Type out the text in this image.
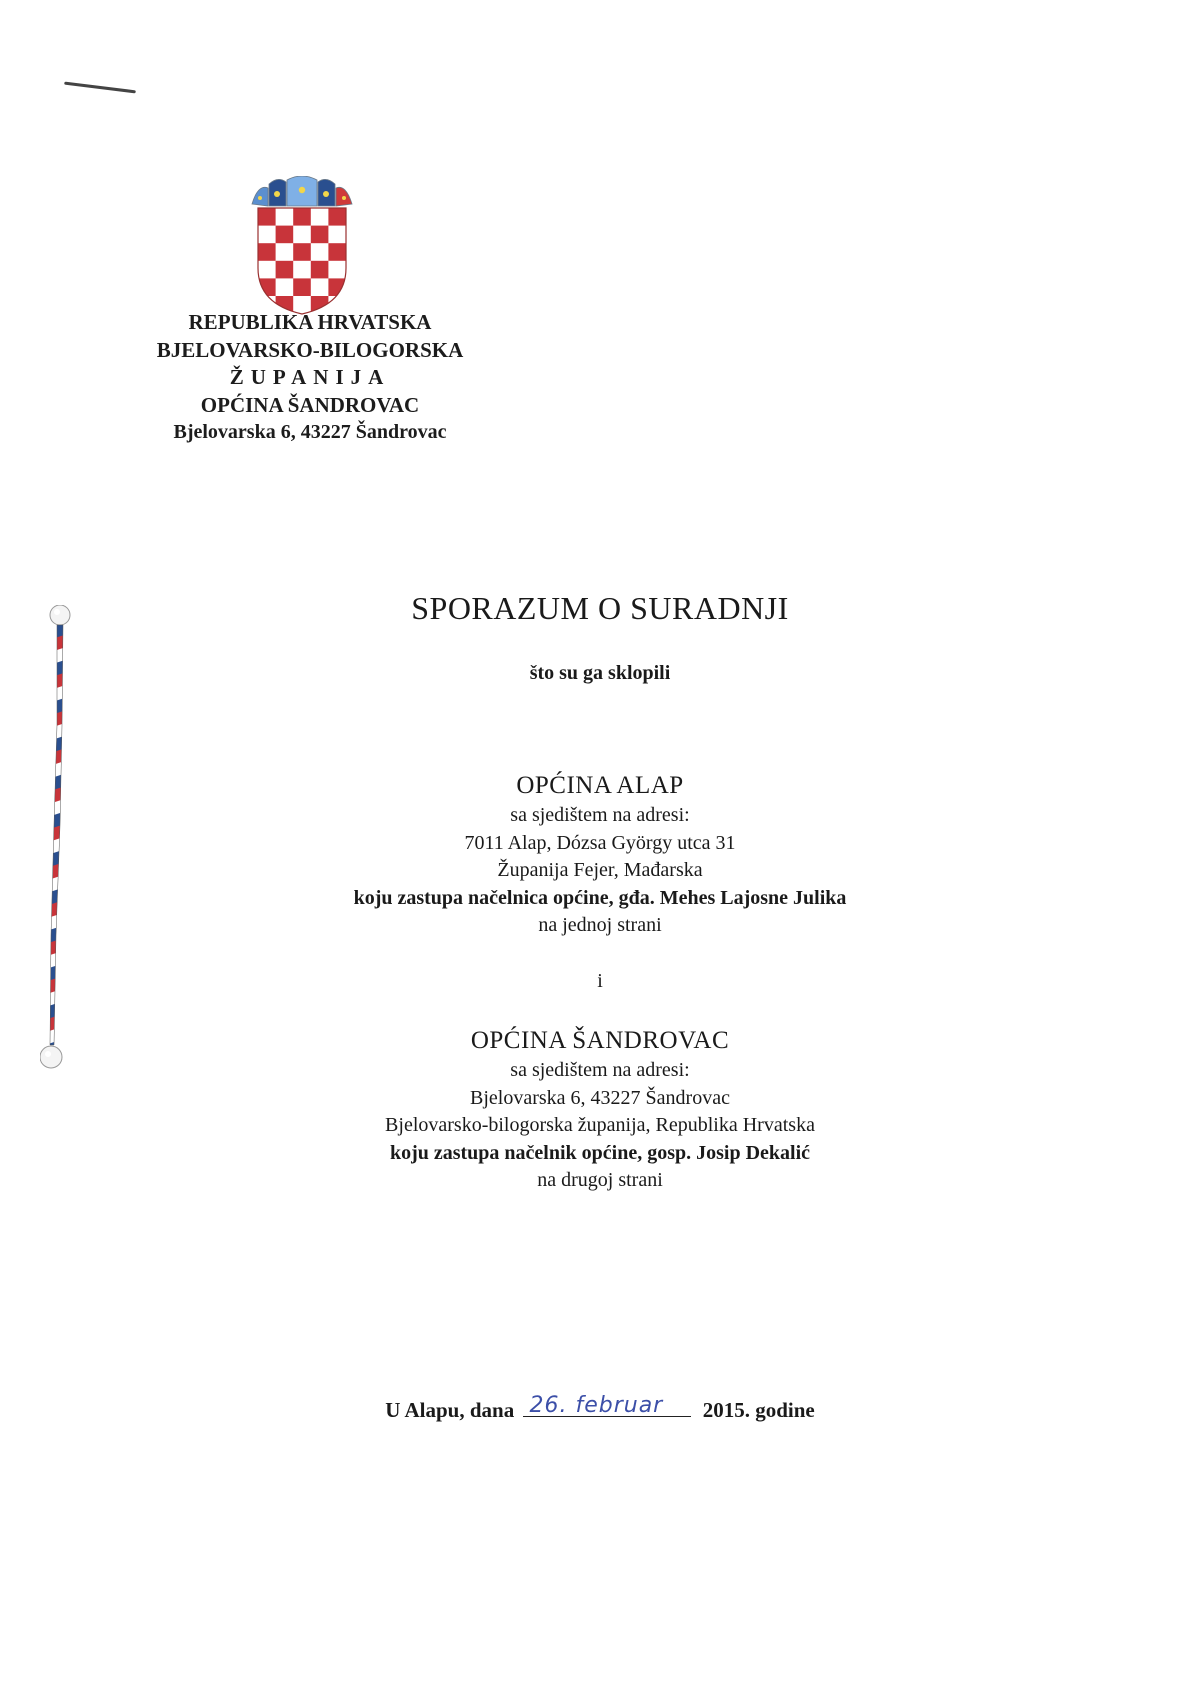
REPUBLIKA HRVATSKA
BJELOVARSKO-BILOGORSKA
ŽUPANIJA
OPĆINA ŠANDROVAC
Bjelovarska 6, 43227 Šandrovac
SPORAZUM O SURADNJI
što su ga sklopili
OPĆINA ALAP
sa sjedištem na adresi:
7011 Alap, Dózsa György utca 31
Županija Fejer, Mađarska
koju zastupa načelnica općine, gđa. Mehes Lajosne Julika
na jednoj strani
i
OPĆINA ŠANDROVAC
sa sjedištem na adresi:
Bjelovarska 6, 43227 Šandrovac
Bjelovarsko-bilogorska županija, Republika Hrvatska
koju zastupa načelnik općine, gosp. Josip Dekalić
na drugoj strani
U Alapu, dana 26. februar 2015. godine
